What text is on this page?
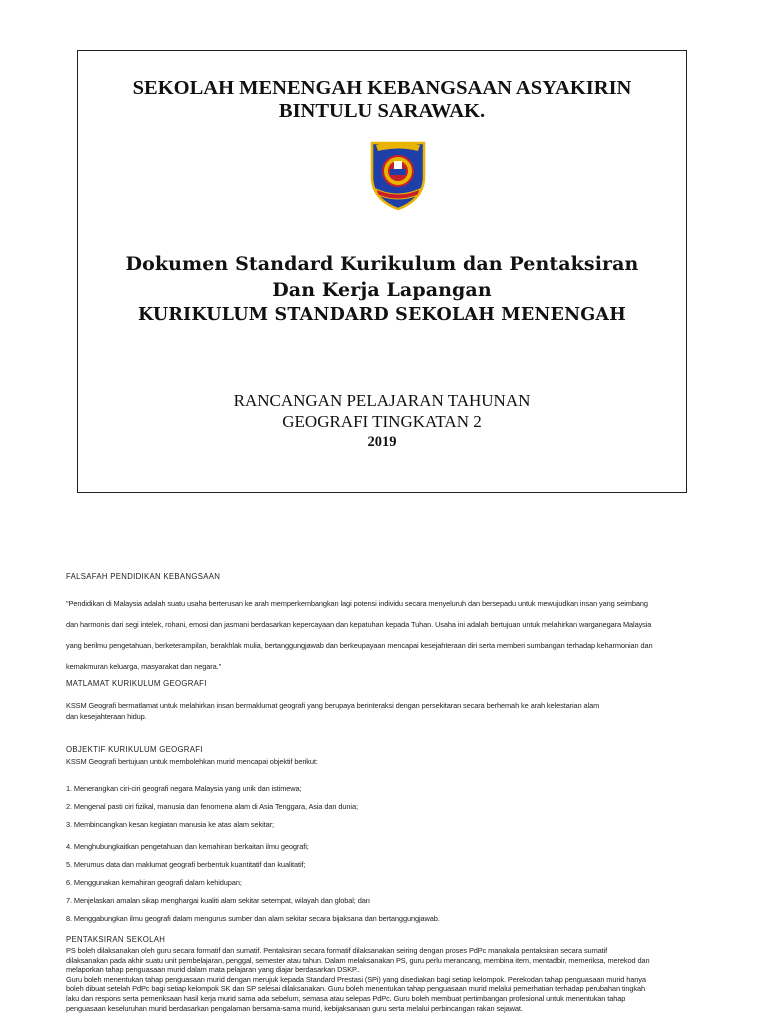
SEKOLAH MENENGAH KEBANGSAAN ASYAKIRIN
BINTULU SARAWAK.
Dokumen Standard Kurikulum dan Pentaksiran
Dan Kerja Lapangan
KURIKULUM STANDARD SEKOLAH MENENGAH
RANCANGAN PELAJARAN TAHUNAN
GEOGRAFI TINGKATAN 2
2019
FALSAFAH PENDIDIKAN KEBANGSAAN
"Pendidikan di Malaysia adalah suatu usaha berterusan ke arah memperkembangkan lagi potensi individu secara menyeluruh dan bersepadu untuk mewujudkan insan yang seimbang
dan harmonis dari segi intelek, rohani, emosi dan jasmani berdasarkan kepercayaan dan kepatuhan kepada Tuhan. Usaha ini adalah bertujuan untuk melahirkan warganegara Malaysia
yang berilmu pengetahuan, berketerampilan, berakhlak mulia, bertanggungjawab dan berkeupayaan mencapai kesejahteraan diri serta memberi sumbangan terhadap keharmonian dan
kemakmuran keluarga, masyarakat dan negara."
MATLAMAT KURIKULUM GEOGRAFI
KSSM Geografi bermatlamat untuk melahirkan insan bermaklumat geografi yang berupaya berinteraksi dengan persekitaran secara berhemah ke arah kelestarian alam
dan kesejahteraan hidup.
OBJEKTIF KURIKULUM GEOGRAFI
KSSM Geografi bertujuan untuk membolehkan murid mencapai objektif berikut:
1. Menerangkan ciri-ciri geografi negara Malaysia yang unik dan istimewa;
2. Mengenal pasti ciri fizikal, manusia dan fenomena alam di Asia Tenggara, Asia dan dunia;
3. Membincangkan kesan kegiatan manusia ke atas alam sekitar;
4. Menghubungkaitkan pengetahuan dan kemahiran berkaitan ilmu geografi;
5. Merumus data dan maklumat geografi berbentuk kuantitatif dan kualitatif;
6. Menggunakan kemahiran geografi dalam kehidupan;
7. Menjelaskan amalan sikap menghargai kualiti alam sekitar setempat, wilayah dan global; dan
8. Menggabungkan ilmu geografi dalam mengurus sumber dan alam sekitar secara bijaksana dan bertanggungjawab.
PENTAKSIRAN SEKOLAH
PS boleh dilaksanakan oleh guru secara formatif dan sumatif. Pentaksiran secara formatif dilaksanakan seiring dengan proses PdPc manakala pentaksiran secara sumatif
dilaksanakan pada akhir suatu unit pembelajaran, penggal, semester atau tahun. Dalam melaksanakan PS, guru perlu merancang, membina item, mentadbir, memeriksa, merekod dan
melaporkan tahap penguasaan murid dalam mata pelajaran yang diajar berdasarkan DSKP..
Guru boleh menentukan tahap penguasaan murid dengan merujuk kepada Standard Prestasi (SPi) yang disediakan bagi setiap kelompok. Perekodan tahap penguasaan murid hanya
boleh dibuat setelah PdPc bagi setiap kelompok SK dan SP selesai dilaksanakan. Guru boleh menentukan tahap penguasaan murid melalui pemerhatian terhadap perubahan tingkah
laku dan respons serta pemeriksaan hasil kerja murid sama ada sebelum, semasa atau selepas PdPc. Guru boleh membuat pertimbangan profesional untuk menentukan tahap
penguasaan keseluruhan murid berdasarkan pengalaman bersama-sama murid, kebijaksanaan guru serta melalui perbincangan rakan sejawat.
